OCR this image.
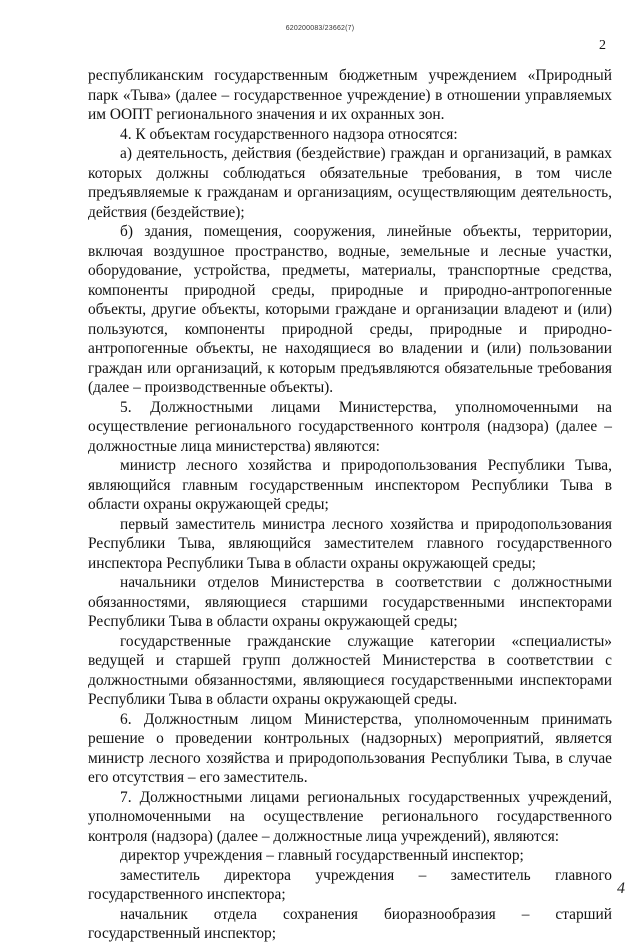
620200083/23662(7)
2

республиканским государственным бюджетным учреждением «Природный парк «Тыва» (далее – государственное учреждение) в отношении управляемых им ООПТ регионального значения и их охранных зон.

4. К объектам государственного надзора относятся:

а) деятельность, действия (бездействие) граждан и организаций, в рамках которых должны соблюдаться обязательные требования, в том числе предъявляемые к гражданам и организациям, осуществляющим деятельность, действия (бездействие);

б) здания, помещения, сооружения, линейные объекты, территории, включая воздушное пространство, водные, земельные и лесные участки, оборудование, устройства, предметы, материалы, транспортные средства, компоненты природной среды, природные и природно-антропогенные объекты, другие объекты, которыми граждане и организации владеют и (или) пользуются, компоненты природной среды, природные и природно-антропогенные объекты, не находящиеся во владении и (или) пользовании граждан или организаций, к которым предъявляются обязательные требования (далее – производственные объекты).

5. Должностными лицами Министерства, уполномоченными на осуществление регионального государственного контроля (надзора) (далее – должностные лица министерства) являются:

министр лесного хозяйства и природопользования Республики Тыва, являющийся главным государственным инспектором Республики Тыва в области охраны окружающей среды;

первый заместитель министра лесного хозяйства и природопользования Республики Тыва, являющийся заместителем главного государственного инспектора Республики Тыва в области охраны окружающей среды;

начальники отделов Министерства в соответствии с должностными обязанностями, являющиеся старшими государственными инспекторами Республики Тыва в области охраны окружающей среды;

государственные гражданские служащие категории «специалисты» ведущей и старшей групп должностей Министерства в соответствии с должностными обязанностями, являющиеся государственными инспекторами Республики Тыва в области охраны окружающей среды.

6. Должностным лицом Министерства, уполномоченным принимать решение о проведении контрольных (надзорных) мероприятий, является министр лесного хозяйства и природопользования Республики Тыва, в случае его отсутствия – его заместитель.

7. Должностными лицами региональных государственных учреждений, уполномоченными на осуществление регионального государственного контроля (надзора) (далее – должностные лица учреждений), являются:

директор учреждения – главный государственный инспектор;

заместитель директора учреждения – заместитель главного государственного инспектора;

начальник отдела сохранения биоразнообразия – старший государственный инспектор;

4
